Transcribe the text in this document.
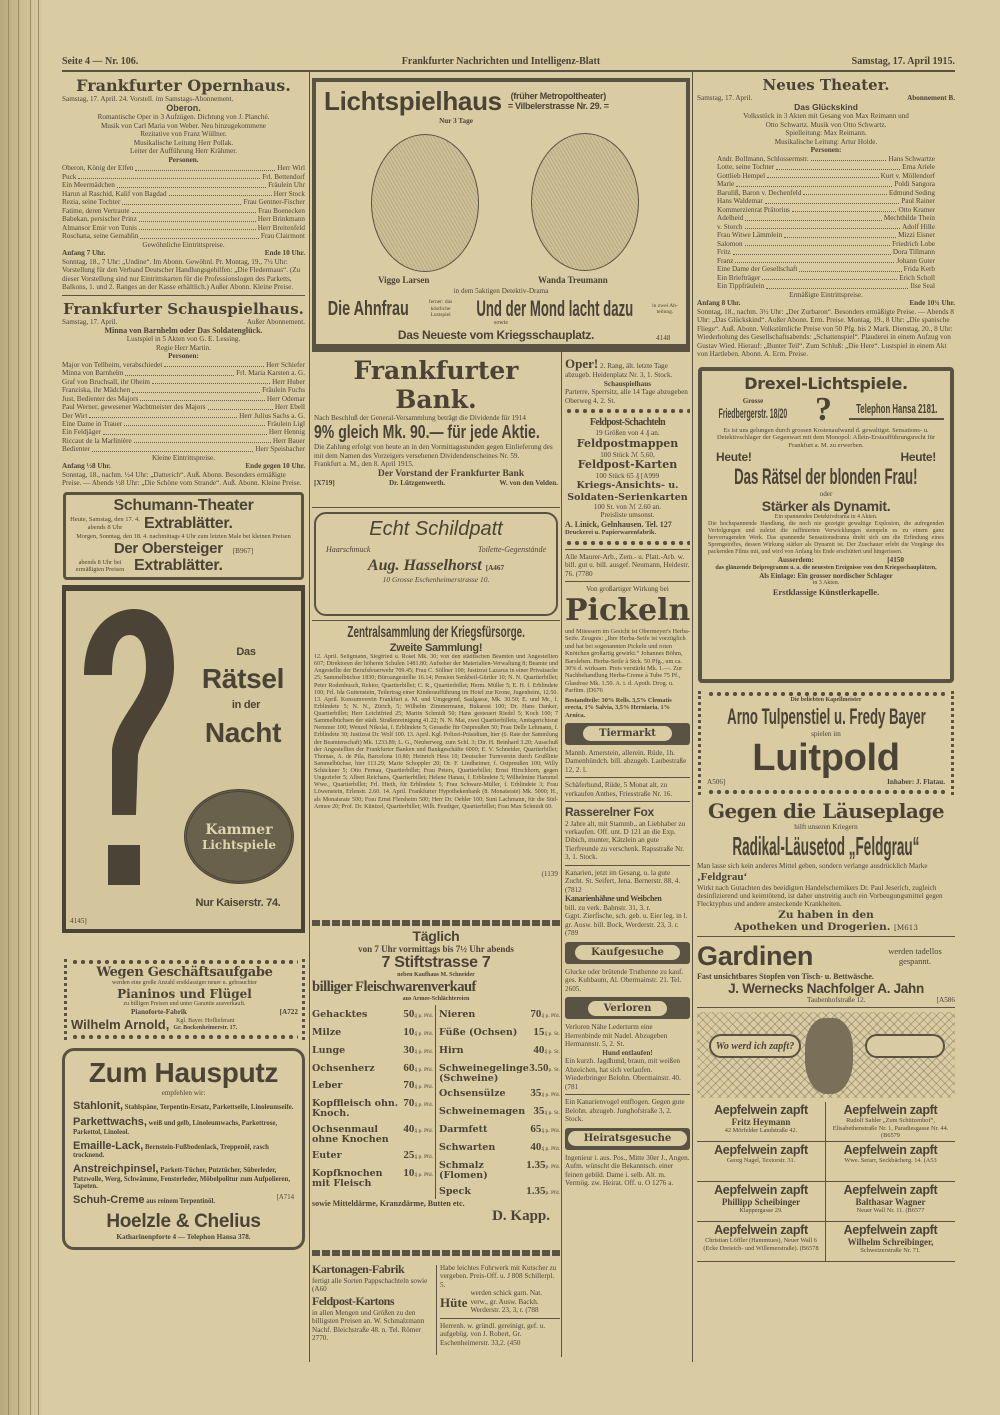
Seite 4 — Nr. 106.	Frankfurter Nachrichten und Intelligenz-Blatt	Samstag, 17. April 1915.
Frankfurter Opernhaus.
Samstag, 17. April. 24. Vorstell. im Samstags-Abonnement.
Oberon.
Romantische Oper in 3 Aufzügen. Dichtung von J. Planché.
Musik von Carl Maria von Weber. Neu hinzugekommene
Rezitative von Franz Wüllner.
Musikalische Leitung Herr Pollak.
Leiter der Aufführung Herr Krähmer.
Personen.
Oberon, König der Elfen	Herr Wirl
Puck	Frl. Bettendorf
Ein Meermädchen	Fräulein Uhr
Harun al Raschid, Kalif von Bagdad	Herr Stock
Rezia, seine Tochter	Frau Gentner-Fischer
Fatime, deren Vertraute	Frau Boenecken
Babekan, persischer Prinz	Herr Brinkmann
Almansor Emir von Tunis	Herr Breitenfeld
Roschana, seine Gemahlin	Frau Clairmont
Gewöhnliche Eintrittspreise.
Anfang 7 Uhr.	Ende 10 Uhr.
Sonntag, 18., 7 Uhr: „Undine“. Im Abonn. Gewöhnl. Pr. Montag, 19., 7½ Uhr: Vorstellung für den Verband Deutscher Handlungsgehilfen: „Die Fledermaus“. (Zu dieser Vorstellung sind nur Eintrittskarten für die Professionslogen des Parketts, Balkons, 1. und 2. Ranges an der Kasse erhältlich.) Außer Abonn. Kleine Preise.
Frankfurter Schauspielhaus.
Samstag, 17. April.	Außer Abonnement.
Minna von Barnhelm oder Das Soldatenglück.
Lustspiel in 5 Akten von G. E. Lessing.
Regie Herr Martin.
Personen:
Major von Tellheim, verabschiedet	Herr Schiefer
Minna von Barnhelm	Frl. Maria Karsten a. G.
Graf von Bruchsall, ihr Oheim	Herr Huber
Franziska, ihr Mädchen	Fräulein Fuchs
Just, Bedienter des Majors	Herr Odemar
Paul Werner, gewesener Wachtmeister des Majors	Herr Ebell
Der Wirt	Herr Julius Sachs a. G.
Eine Dame in Trauer	Fräulein Ligl
Ein Feldjäger	Herr Hennig
Riccaut de la Marlinière	Herr Bauer
Bedienter	Herr Speisbacher
Kleine Eintrittspreise.
Anfang ½8 Uhr.	Ende gegen 10 Uhr.
Sonntag, 18., nachm. ½4 Uhr: „Datterich“. Auß. Abonn. Besonders ermäßigte Preise. — Abends ½8 Uhr: „Die Schöne vom Strande“. Auß. Abonn. Kleine Preise.
Schumann-Theater
Heute, Samstag, den 17. 4. abends 8 Uhr	Extrablätter.
Morgen, Sonntag, den 18. 4. nachmittags 4 Uhr zum letzten Male bei kleinen Preisen
Der Obersteiger [B967]
abends 8 Uhr bei ermäßigten Preisen Extrablätter.
Das
Rätsel
in der
Nacht
Kammer
Lichtspiele
Nur Kaiserstr. 74.
4145]
Wegen Geschäftsaufgabe
werden eine große Anzahl erstklassiger neuer u. gebrauchter
Pianinos und Flügel
zu billigen Preisen und unter Garantie ausverkauft.
Pianoforte-Fabrik	[A722
Wilhelm Arnold,	Kgl. Bayer. Hoflieferant
Gr. Bockenheimerstr. 17.
Zum Hausputz
empfehlen wir:
Stahlonit, Stahlspäne, Terpentin-Ersatz, Parkettseife, Linoleumseife.
Parkettwachs, weiß und gelb, Linoleumwachs, Parkettrose, Parkettol, Linoleol.
Emaille-Lack, Bernstein-Fußbodenlack, Treppenöl, rasch trocknend.
Anstreichpinsel, Parkett-Tücher, Putztücher, Süberleder, Putzwolle, Werg, Schwämme, Fensterleder, Möbelpolitur zum Aufpolieren, Tapeten.
Schuh-Creme aus reinem Terpentinöl.
[A714
Hoelzle & Chelius
Katharinenpforte 4 — Telephon Hansa 378.
Lichtspielhaus (früher Metropoltheater)
= Vilbelerstrasse Nr. 29. =
Nur 3 Tage
Viggo Larsen	Wanda Treumann
in dem 5aktigen Detektiv-Drama
Die Ahnfrau	ferner: das köstliche Lustspiel	Und der Mond lacht dazu	in zwei Ab-teilung.
sowie
Das Neueste vom Kriegsschauplatz.	4148
Frankfurter Bank.
Nach Beschluß der General-Versammlung beträgt die Dividende für 1914
9% gleich Mk. 90.— für jede Aktie.
Die Zahlung erfolgt von heute an in den Vormittagsstunden gegen Einlieferung des mit dem Namen des Vorzeigers versehenen Dividendenscheines Nr. 59.
Frankfurt a. M., den 8. April 1915.
Der Vorstand der Frankfurter Bank
[X719]	Dr. Lützgenwerth.	W. von den Velden.
Echt Schildpatt
Haarschmuck	Toilette-Gegenstände
Aug. Hasselhorst [A467
10 Grosse Eschenheimerstrasse 10.
Zentralsammlung der Kriegsfürsorge.
Zweite Sammlung!
12. April. Seligmann, Siegfried u. Rosel Mk. 30; von den städtischen Beamten und Angestellten 607; Direktoren der höheren Schulen 1481.80; Aufseher der Materialien-Verwaltung 8; Beamte und Angestellte der Berufsfeuerwehr 709.45; Frau C. Söllner 100; Justizrat Lazarus in einer Privatsache 25; Sammelbüchse 1830; Büroangestellte 16.14; Pension Senkbeil-Gürtler 10; N. N. Quartierbillet; Peter Rodenbusch, Rektor, Quartierbillet; C. R., Quartierbillet; Herm. Müller 5; E. H. f. Erblindete 100; Frl. Ida Guttenstein, Teilertrag einer Kinderaufführung im Hotel zur Krone, Jugenheim, 12.50. 13. April. Konsumverein Frankfurt a. M. und Umgegend, Saalgasse, Mk. 30.50; E. und Mr., f. Erblindete 5; N. N., Zürich, 5; Wilhelm Zimmermann, Bukarest 100; Dr. Hans Danker, Quartierbillet; Herr Leichtfried 25; Martin Schmidt 50; Hans gesteuert Riedel 5; Koch 100; 7 Sammelbüchsen der städt. Straßenreinigung 41.22; N. N. Mai, zwei Quartierbillets; Amtsgerichtsrat Nemmer 100; Wenzel Nikolai, f. Erblindete 5; Gerasdie für Ostpreußen 50; Frau Delle Lehmann, f. Erblindete 30; Justizrat Dr. Wolf 100. 13. April. Kgl. Polizei-Präsidium, hier (6. Rate der Sammlung der Beamtenschaft) Mk. 1233.89; L. G., Neuberweg, zum Schl. 3; Dir. H. Beinhard 3.20; Ausschuß der Angestellten der Frankfurter Banken und Bankgeschäfte 6000; E. V. Schneider, Quartierbillet; Thomas, A. de Pila, Barcelona 10.80; Heinrich Hess 10; Deutscher Turnverein durch Grußlinie Sammelbüchse, hier 113.29; Marie Schoppler 20; Dr. F. Lindheimer, f. Ostpreußen 100; Willy Schäckner 5; Otto Fernau, Quartierbillet; Frau Peters, Quartierbillet; Ernst Hirschhorn, gegen Ungeziefer 5; Albert Reichans, Quartierbillet; Helene Hanau, f. Erblindete 5; Wilhelmine Hammel Wwe., Quartierbillet; Frl. Hieth, für Erblindete 5; Frau Schwarz-Müller, f. Erblindete 3; Frau Löwenstein, Erlenstr. 2.60. 14. April. Frankfurter Hypothekenbank (8. Monatsrate) Mk. 5000; H., als Monatsrate 500; Frau Ernst Flersheim 500; Herr Dr. Oehler 100; Suni Lachmann, für die Süd-Armee 20; Prof. Dr. Küntzel, Quartierbillet; Wilh. Feudiger, Quartierbillet; Frau Max Schmidt 60.
(1139
Täglich
von 7 Uhr vormittags bis 7½ Uhr abends
7 Stiftstrasse 7
neben Kaufhaus M. Schneider
billiger Fleischwarenverkauf
aus Armee-Schlächtereien
Gehacktes	50₰ p. Pfd.
Milze	10₰ p. Pfd.
Lunge	30₰ p. Pfd.
Ochsenherz	60₰ p. Pfd.
Leber	70₰ p. Pfd.
Kopffleisch ohn. Knoch.
70₰ p. Pfd.
Ochsenmaul ohne Knochen
40₰ p. Pfd.
Euter	25₰ p. Pfd.
Kopfknochen mit Fleisch
10₰ p. Pfd.
Nieren	70₰ p. Pfd.
Füße (Ochsen)	15₰ p. St.
Hirn	40₰ p. St.
Schweinegelinge (Schweine)
3.50p. St.
Ochsensülze	35₰ p. Pfd.
Schweinemagen 35₰ p. St.
Darmfett	65₰ p. Pfd.
Schwarten	40₰ p. Pfd.
Schmalz (Flomen)
1.35p. Pfd.
Speck	1.35p. Pfd.
sowie Mitteldärme, Kranzdärme, Butten etc.
D. Kapp.
Kartonagen-Fabrik
fertigt alle Sorten Pappschachteln sowie (A60
Feldpost-Kartons
in allen Mengen und Größen zu den billigsten Preisen an. W. Schmalzmann Nachf. Bleichstraße 48. n. Tel. Römer 2770.
Habe leichtes Fuhrwerk mit Kutscher zu vergeben. Preis-Off. u. J 808 Schillerpl. 5.
Hüte
werden schick garn. Nat. verw., gr. Ausw. Backh. Werderstr. 23, 3, r. (788
Herrenh. w. gründl. gereinigt, gef. u. aufgebüg. von J. Robert, Gr. Eschenheimerstr. 33,2. (450
Oper! 2. Rang, ält. letzte Tage abzugeb. Heidenplatz Nr. 3, 1. Stock.
Schauspielhaus
Parterre, Sperrsitz, alle 14 Tage abzugeben Oberweg 4, 2. St.
Feldpost-Schachteln
19 Größen von 4 ₰ an.
Feldpostmappen
100 Stück ℳ 5.60,
Feldpost-Karten
100 Stück 65 ₰ [A999
Kriegs-Ansichts- u. Soldaten-Serienkarten
100 St. von ℳ 2.60 an.
Preisliste umsonst.
A. Linick, Gelnhausen. Tel. 127
Druckerei u. Papierwarenfabrik.
Alle Maurer-Arb., Zem.- u. Platt.-Arb. w. bill. gut u. bill. ausgef. Neumann, Heidestr. 76. (7780
Von großartiger Wirkung bei
Pickeln
und Mitessern im Gesicht ist Obermeyer's Herba-Seife. Zeugnis: „Ihre Herba-Seife ist vorzüglich und hat bei sogenannten Pickeln und roten Knötchen großartig gewirkt.“ Johannes Böhm, Barsleben. Herba-Seife à Stck. 50 Pfg., um ca. 30% d. wirksam. Preis verstärkt Mk. 1.—. Zur Nachbehandlung Herba-Creme à Tube 75 Pf., Glasdose Mk. 1.50. A. i. d. Apoth. Drog. u. Parfüm. (D676
Bestandteile: 30% Rells. 3,5% Clematis erecta, 1% Salvia, 3,5% Herniaria, 1% Arnica.
Tiermarkt
Mannb. Amerstein, allerein. Rüde, 1h. Damenhündch. bill. abzugeb. Laubestraße 12, 2. l.
Schäferhund, Rüde, 5 Monat alt, zu verkaufen Anthes, Friesstraße Nr. 16.
Rasserelner Fox
2 Jahre alt, mit Stammb., an Liebhaber zu verkaufen. Off. unt. D 121 an die Exp.
Dibich, munter, Kätzlein an gute Tierfreunde zu verschenk. Rapsstraße Nr. 3, 1. Stock.
Kanarien, jetzt im Gesang, u. la gute Zucht. St. Seifert, Jena. Bernerstr. 88, 4. (7812
Kanarienhähne und Weibchen
bill. zu verk. Bahnstr. 31, 3. r.
Ggpt. Zierfische, sch. geb. u. Eier leg. in l. gr. Ausw. bill. Bock, Werderstr. 23, 3. r. (789
Kaufgesuche
Glucke oder brütende Truthenne zu kauf. ges. Kuhbaum, Al. Obermainstr. 21. Tel. 2605.
Verloren
Verloren Nähe Lederturm eine Herrenbinde mit Nadel. Abzugeben Hermannstr. 5, 2. St.
Hund entlaufen!
Ein kurzh. Jagdhund, braun, mit weißen Abzeichen, hat sich verlaufen. Wiederbringer Belohn. Obermainstr. 40. (781
Ein Kanarienvogel entflogen. Gegen gute Belohn. abzugeb. Junghofstraße 3, 2. Stock.
Heiratsgesuche
Ingenieur i. aus. Pos., Mitte 30er J., Angen. Aufm. wünscht die Bekanntsch. einer feinen gebild. Dame i. selb. Alt. m. Vermög. zw. Heirat. Off. u. O 1276 a.
Neues Theater.
Samstag, 17. April.	Abonnement B.
Das Glückskind
Volksstück in 3 Akten mit Gesang von Max Reimann und
Otto Schwartz. Musik von Otto Schwartz.
Spielleitung: Max Reimann.
Musikalische Leitung: Artur Holde.
Personen:
Andr. Bollmann, Schlossermstr.	Hans Schwartze
Lotte, seine Tochter	Erna Ariele
Gottlieb Hempel	Kurt v. Möllendorf
Marie	Poldi Sangora
Baruliß, Baron v. Dechenfeld	Edmund Seding
Hans Waldemar	Paul Rainer
Kommerzienrat Prätorius	Otto Kramer
Adelheid	Mechthilde Thein
v. Storch	Adolf Hille
Frau Witwe Lämmlein	Mizzi Eisner
Salomon	Friedrich Lobe
Fritz	Dora Tillmann
Franz	Johann Guter
Eine Dame der Gesellschaft	Frida Kerb
Ein Briefträger	Erich Scholl
Ein Tippfräulein	Ilse Seal
Ermäßigte Eintrittspreise.
Anfang 8 Uhr.	Ende 10¾ Uhr.
Sonntag, 18., nachm. 3½ Uhr: „Der Zurbaron“. Besonders ermäßigte Preise. — Abends 8 Uhr: „Das Glückskind“. Außer Abonn. Erm. Preise. Montag, 19., 8 Uhr: „Die spanische Fliege“. Auß. Abonn. Volkstümliche Preise von 50 Pfg. bis 2 Mark. Dienstag, 20., 8 Uhr: Wiederholung des Gesellschaftsabends: „Schattenspiel“. Plauderei in einem Aufzug von Gustav Wied. Hierauf: „Bunter Teil“. Zum Schluß: „Die Here“. Lustspiel in einem Akt von Hartleben. Abonn. A. Erm. Preise.
Drexel-Lichtspiele.
Grosse
Friedbergerstr. 18/20 ?	Telephon Hansa 2181.
Es ist uns gelungen durch grossen Kostenaufwand d. gewaltigst. Sensations- u. Detektivschlager der Gegenwart mit dem Monopol: Allein-Erstaufführungsrecht für Frankfurt a. M. zu erwerben.
Heute!	Heute!
Das Rätsel der blonden Frau!
oder
Stärker als Dynamit.
Ein spannendes Detektivdrama in 4 Akten.
Die hochspannende Handlung, die noch nie gezeigte gewaltige Explosion, die aufregenden Verfolgungen und zuletzt die raffinierten Verwicklungen stempeln es zu einem ganz hervorragenden Werk. Das spannende Sensationsdrama dreht sich um die Erfindung eines Sprengstoffes, dessen Wirkung stärker als Dynamit ist. Der Zuschauer erlebt die Vorgänge des packenden Films mit, und wird von Anfang bis Ende erschüttert und hingerissen.
Ausserdem:	[4150
das glänzende Beiprogramm u. a. die neuesten Ereignisse von den Kriegsschauplätzen,
Als Einlage: Ein grosser nordischer Schlager
in 3 Akten.
Erstklassige Künstlerkapelle.
Die beliebten Kapellmeister
Arno Tulpenstiel u. Fredy Bayer
spielen im
Luitpold
A506]	Inhaber: J. Flatau.
Gegen die Läuseplage
hilft unseren Kriegern
Radikal-Läusetod „Feldgrau“
Man lasse sich kein anderes Mittel geben, sondern verlange ausdrücklich Marke ‚Feldgrau‘
Wirkt nach Gutachten des beeidigten Handelschemikers Dr. Paul Jeserich, zugleich desinfizierend und keimtötend, ist daher unstreitig auch ein Vorbeugungsmittel gegen Flecktyphus und andere ansteckende Krankheiten.
Zu haben in den
Apotheken und Drogerien. [M613
Gardinen	werden tadellos gespannt.
Fast unsichtbares Stopfen von Tisch- u. Bettwäsche.
J. Wernecks Nachfolger A. Jahn
Taubenhofstraße 12.	[A586
Wo werd ich zapft?
Aepfelwein zapft
Fritz Heymann
42 Mörfelder Landstraße 42.
Aepfelwein zapft
Rudolf Sahler „Zum Schützenhof“, Elisabethenstraße Nr. 1, Paradiesgasse Nr. 44. (B6579
Aepfelwein zapft
Georg Nagel, Textorstr. 31.
Aepfelwein zapft
Wwe. Serarr, Seckbächerg. 14. (A53
Aepfelwein zapft
Phillipp Scheibinger
Klappergasse 29.
Aepfelwein zapft
Balthasar Wagner
Neuer Wall Nr. 11. (B6577
Aepfelwein zapft
Christian Löffler (Hammtues), Neuer Wall 6 (Ecke Dreieich- und Willemerstraße). (B6578
Aepfelwein zapft
Wilhelm Schreibinger,
Schweizerstraße Nr. 71.
